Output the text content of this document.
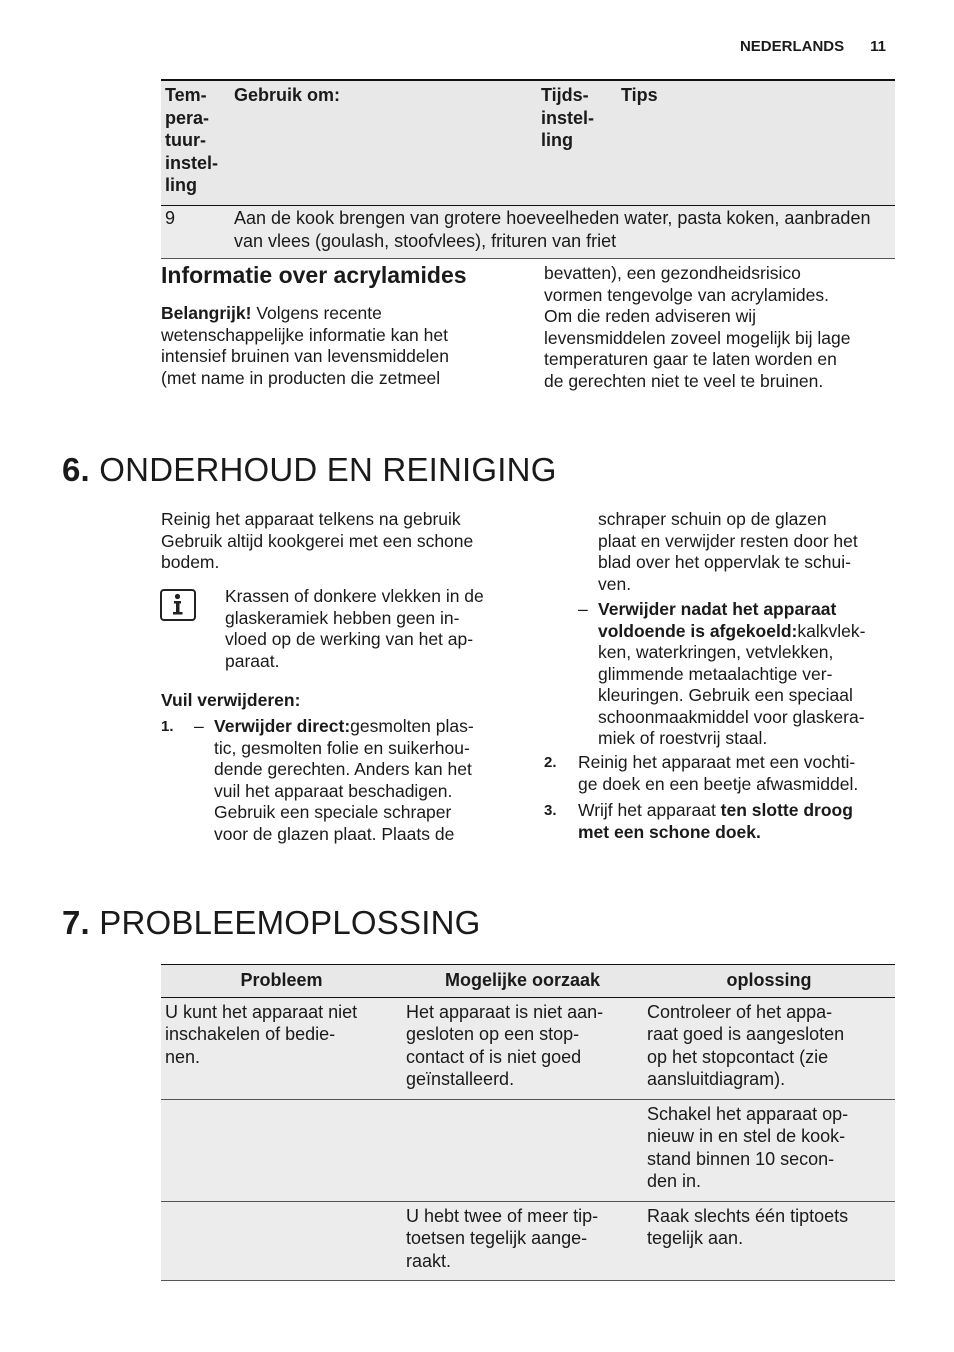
NEDERLANDS 11
Tem-
pera-
tuur-
instel-
ling	Gebruik om:	Tijds-
instel-
ling	Tips
9	Aan de kook brengen van grotere hoeveelheden water, pasta koken, aanbraden van vlees (goulash, stoofvlees), frituren van friet		
Informatie over acrylamides
Belangrijk! Volgens recente
wetenschappelijke informatie kan het
intensief bruinen van levensmiddelen
(met name in producten die zetmeel
bevatten), een gezondheidsrisico
vormen tengevolge van acrylamides.
Om die reden adviseren wij
levensmiddelen zoveel mogelijk bij lage
temperaturen gaar te laten worden en
de gerechten niet te veel te bruinen.
6. ONDERHOUD EN REINIGING
Reinig het apparaat telkens na gebruik
Gebruik altijd kookgerei met een schone
bodem.
Krassen of donkere vlekken in de
glaskeramiek hebben geen in-
vloed op de werking van het ap-
paraat.
Vuil verwijderen:
1. – Verwijder direct:gesmolten plas-
tic, gesmolten folie en suikerhou-
dende gerechten. Anders kan het
vuil het apparaat beschadigen.
Gebruik een speciale schraper
voor de glazen plaat. Plaats de
schraper schuin op de glazen
plaat en verwijder resten door het
blad over het oppervlak te schui-
ven.
– Verwijder nadat het apparaat
voldoende is afgekoeld:kalkvlek-
ken, waterkringen, vetvlekken,
glimmende metaalachtige ver-
kleuringen. Gebruik een speciaal
schoonmaakmiddel voor glaskera-
miek of roestvrij staal.
2. Reinig het apparaat met een vochti-
ge doek en een beetje afwasmiddel.
3. Wrijf het apparaat ten slotte droog
met een schone doek.
7. PROBLEEMOPLOSSING
Probleem	Mogelijke oorzaak	oplossing
U kunt het apparaat niet
inschakelen of bedie-
nen.	Het apparaat is niet aan-
gesloten op een stop-
contact of is niet goed
geïnstalleerd.	Controleer of het appa-
raat goed is aangesloten
op het stopcontact (zie
aansluitdiagram).
		Schakel het apparaat op-
nieuw in en stel de kook-
stand binnen 10 secon-
den in.
	U hebt twee of meer tip-
toetsen tegelijk aange-
raakt.	Raak slechts één tiptoets
tegelijk aan.
